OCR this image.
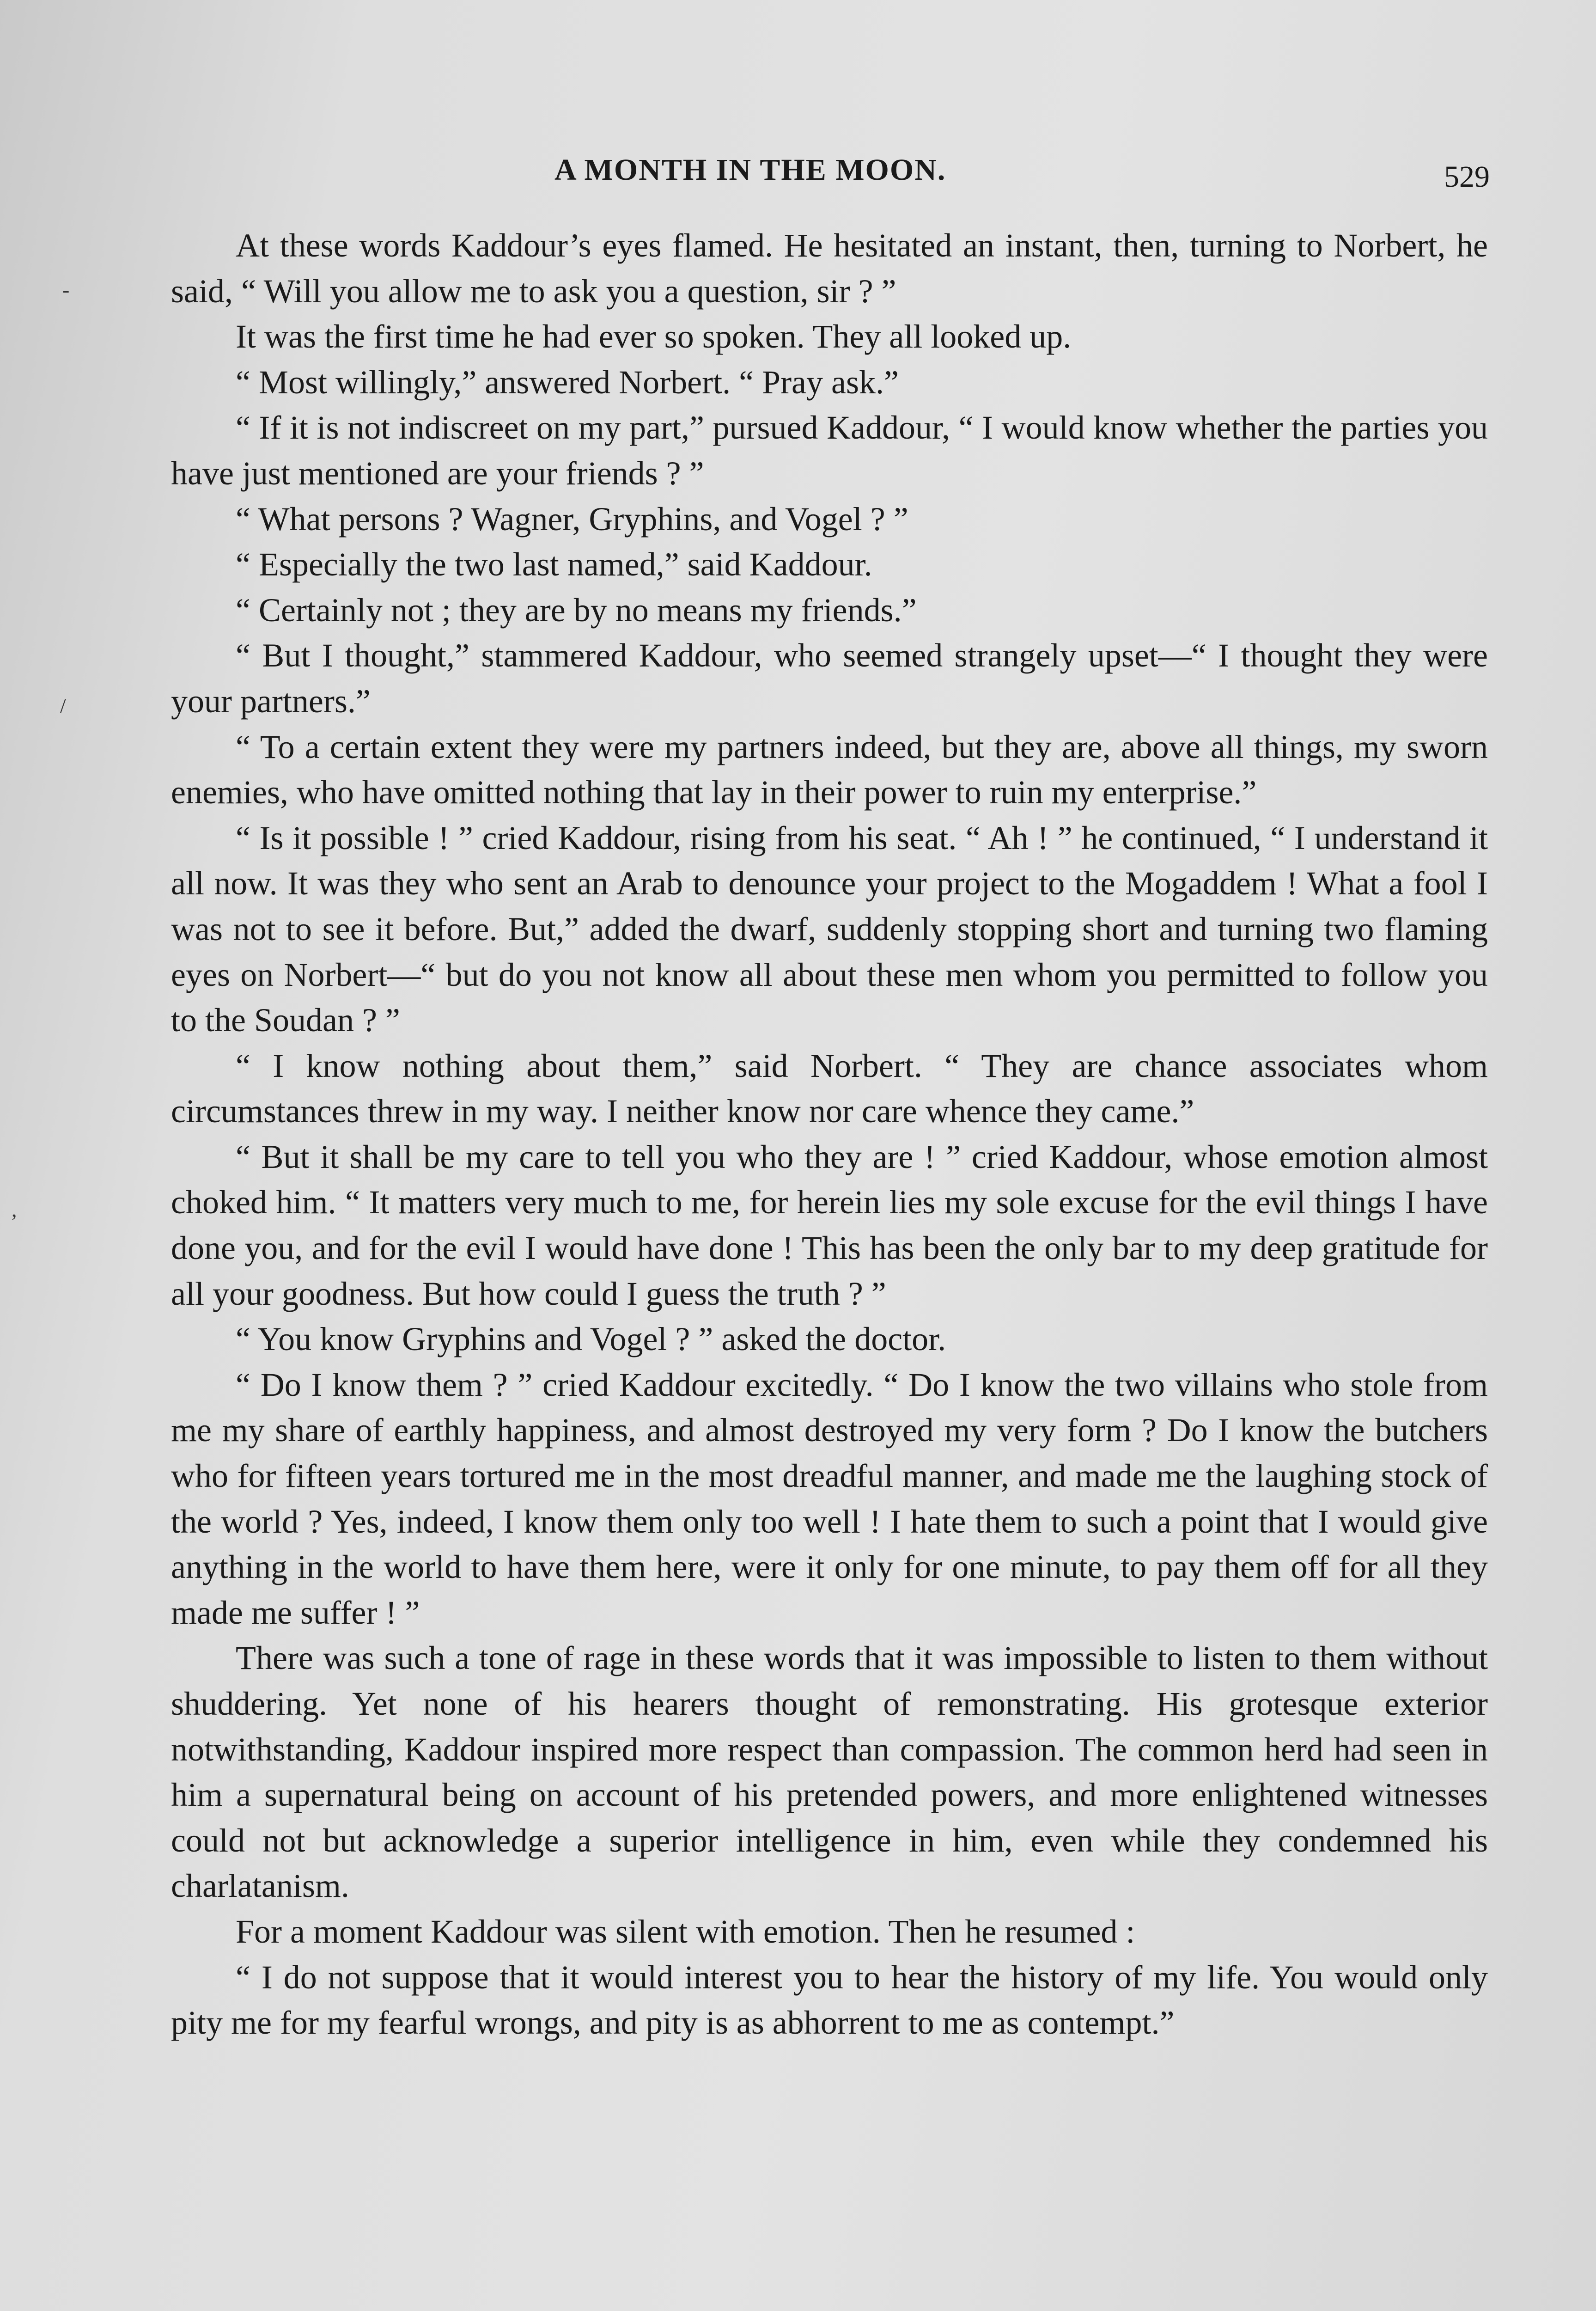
A MONTH IN THE MOON.	529
-
/
,

At these words Kaddour’s eyes flamed. He hesitated an instant, then, turning to Norbert, he said, “ Will you allow me to ask you a question, sir ? ”

It was the first time he had ever so spoken. They all looked up.

“ Most willingly,” answered Norbert. “ Pray ask.”

“ If it is not indiscreet on my part,” pursued Kaddour, “ I would know whether the parties you have just mentioned are your friends ? ”

“ What persons ? Wagner, Gryphins, and Vogel ? ”

“ Especially the two last named,” said Kaddour.

“ Certainly not ; they are by no means my friends.”

“ But I thought,” stammered Kaddour, who seemed strangely upset—“ I thought they were your partners.”

“ To a certain extent they were my partners indeed, but they are, above all things, my sworn enemies, who have omitted nothing that lay in their power to ruin my enterprise.”

“ Is it possible ! ” cried Kaddour, rising from his seat. “ Ah ! ” he continued, “ I understand it all now. It was they who sent an Arab to denounce your project to the Mogaddem ! What a fool I was not to see it before. But,” added the dwarf, suddenly stopping short and turning two flaming eyes on Norbert—“ but do you not know all about these men whom you permitted to follow you to the Soudan ? ”

“ I know nothing about them,” said Norbert. “ They are chance associates whom circumstances threw in my way. I neither know nor care whence they came.”

“ But it shall be my care to tell you who they are ! ” cried Kaddour, whose emotion almost choked him. “ It matters very much to me, for herein lies my sole excuse for the evil things I have done you, and for the evil I would have done ! This has been the only bar to my deep gratitude for all your goodness. But how could I guess the truth ? ”

“ You know Gryphins and Vogel ? ” asked the doctor.

“ Do I know them ? ” cried Kaddour excitedly. “ Do I know the two villains who stole from me my share of earthly happiness, and almost destroyed my very form ? Do I know the butchers who for fifteen years tortured me in the most dreadful manner, and made me the laughing stock of the world ? Yes, indeed, I know them only too well ! I hate them to such a point that I would give anything in the world to have them here, were it only for one minute, to pay them off for all they made me suffer ! ”

There was such a tone of rage in these words that it was impossible to listen to them without shuddering. Yet none of his hearers thought of remonstrating. His grotesque exterior notwithstanding, Kaddour inspired more respect than compassion. The common herd had seen in him a supernatural being on account of his pretended powers, and more enlightened witnesses could not but acknowledge a superior intelligence in him, even while they condemned his charlatanism.

For a moment Kaddour was silent with emotion. Then he resumed :

“ I do not suppose that it would interest you to hear the history of my life. You would only pity me for my fearful wrongs, and pity is as abhorrent to me as contempt.”
